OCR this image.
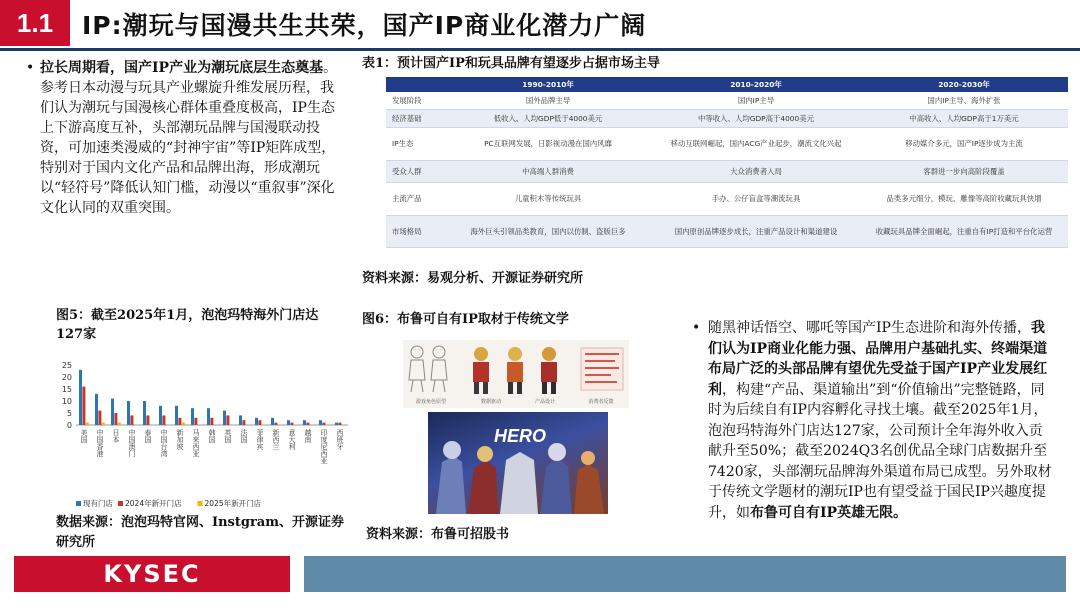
1.1	IP:潮玩与国漫共生共荣，国产IP商业化潜力广阔
• 拉长周期看，国产IP产业为潮玩底层生态奠基。参考日本动漫与玩具产业螺旋升维发展历程，我们认为潮玩与国漫核心群体重叠度极高，IP生态上下游高度互补，头部潮玩品牌与国漫联动投资，可加速类漫威的“封神宇宙”等IP矩阵成型，特别对于国内文化产品和品牌出海，形成潮玩以“轻符号”降低认知门槛，动漫以“重叙事”深化文化认同的双重突围。
表1：预计国产IP和玩具品牌有望逐步占据市场主导
	1990-2010年	2010-2020年	2020-2030年
发展阶段	国外品牌主导	国内IP主导	国内IP主导、海外扩张
经济基础	低收入、人均GDP低于4000美元	中等收入、人均GDP高于4000美元	中高收入、人均GDP高于1万美元
IP生态	PC互联网发展，日影视动漫在国内风靡	移动互联网崛起，国内ACG产业起步，潮流文化兴起	移动媒介多元，国产IP逐步成为主流
受众人群	中高端人群消费	大众消费者入局	客群进一步向高阶段覆盖
主流产品	儿童积木等传统玩具	手办、公仔盲盒等潮流玩具	品类多元细分，模玩、雕像等高阶收藏玩具快增
市场格局	海外巨头引领品类教育，国内以仿制、盗版巨多	国内原创品牌逐步成长，注重产品设计和渠道建设	收藏玩具品牌全面崛起，注重自有IP打造和平台化运营
资料来源：易观分析、开源证券研究所
图5：截至2025年1月，泡泡玛特海外门店达127家
0
5
10
15
20
25
美国 中国香港 日本 中国澳门 泰国 中国台湾 新加坡 马来西亚 韩国 英国 法国 菲律宾 新西兰 意大利 越南 印度尼西亚 西班牙
现有门店 2024年新开门店	2025年新开门店
数据来源：泡泡玛特官网、Instgram、开源证券研究所
图6：布鲁可自有IP取材于传统文学
游戏角色原型	数据驱动	产品设计	消费者反馈
HERO
资料来源：布鲁可招股书
• 随黑神话悟空、哪吒等国产IP生态进阶和海外传播，我们认为IP商业化能力强、品牌用户基础扎实、终端渠道布局广泛的头部品牌有望优先受益于国产IP产业发展红利，构建“产品、渠道输出”到“价值输出”完整链路，同时为后续自有IP内容孵化寻找土壤。截至2025年1月，泡泡玛特海外门店达127家，公司预计全年海外收入贡献升至50%；截至2024Q3名创优品全球门店数据升至7420家，头部潮玩品牌海外渠道布局已成型。另外取材于传统文学题材的潮玩IP也有望受益于国民IP兴趣度提升，如布鲁可自有IP英雄无限。
KYSEC
